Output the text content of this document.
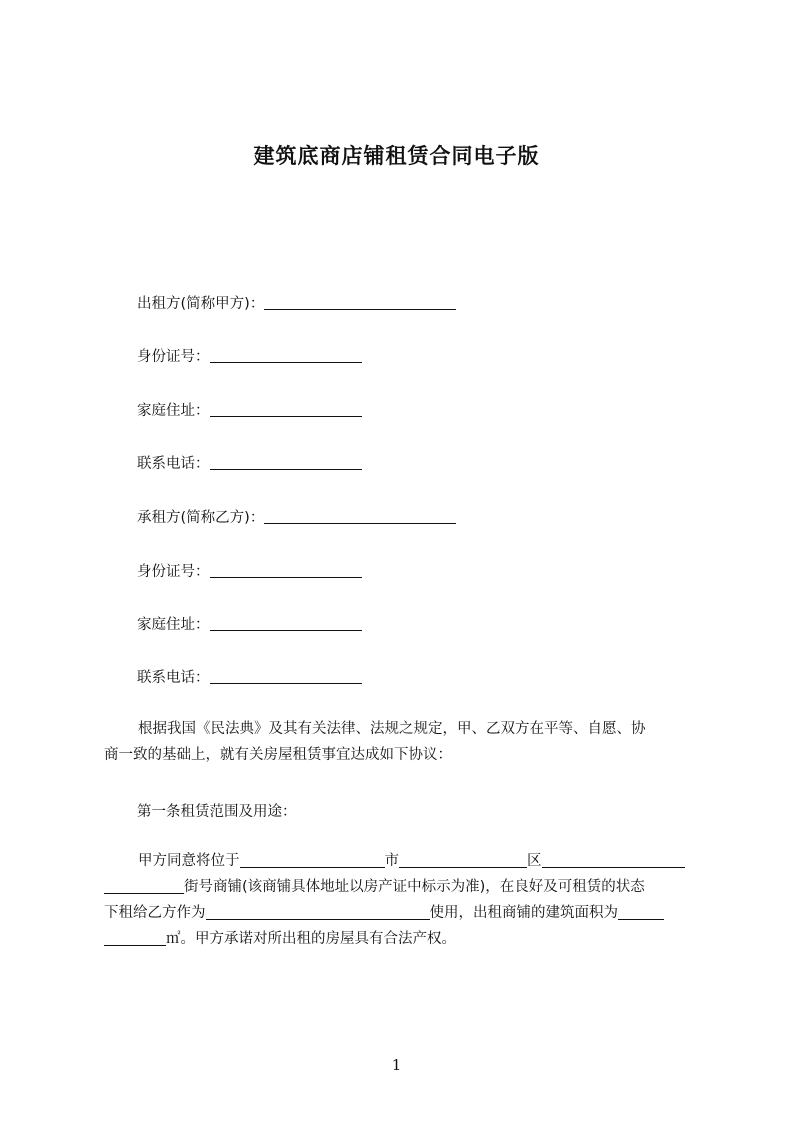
建筑底商店铺租赁合同电子版
出租方(简称甲方)：
身份证号：
家庭住址：
联系电话：
承租方(简称乙方)：
身份证号：
家庭住址：
联系电话：
根据我国《民法典》及其有关法律、法规之规定，甲、乙双方在平等、自愿、协
商一致的基础上，就有关房屋租赁事宜达成如下协议：
第一条租赁范围及用途：
甲方同意将位于	市	区
街号商铺(该商铺具体地址以房产证中标示为准)，在良好及可租赁的状态
下租给乙方作为	使用，出租商铺的建筑面积为
㎡。甲方承诺对所出租的房屋具有合法产权。
1
